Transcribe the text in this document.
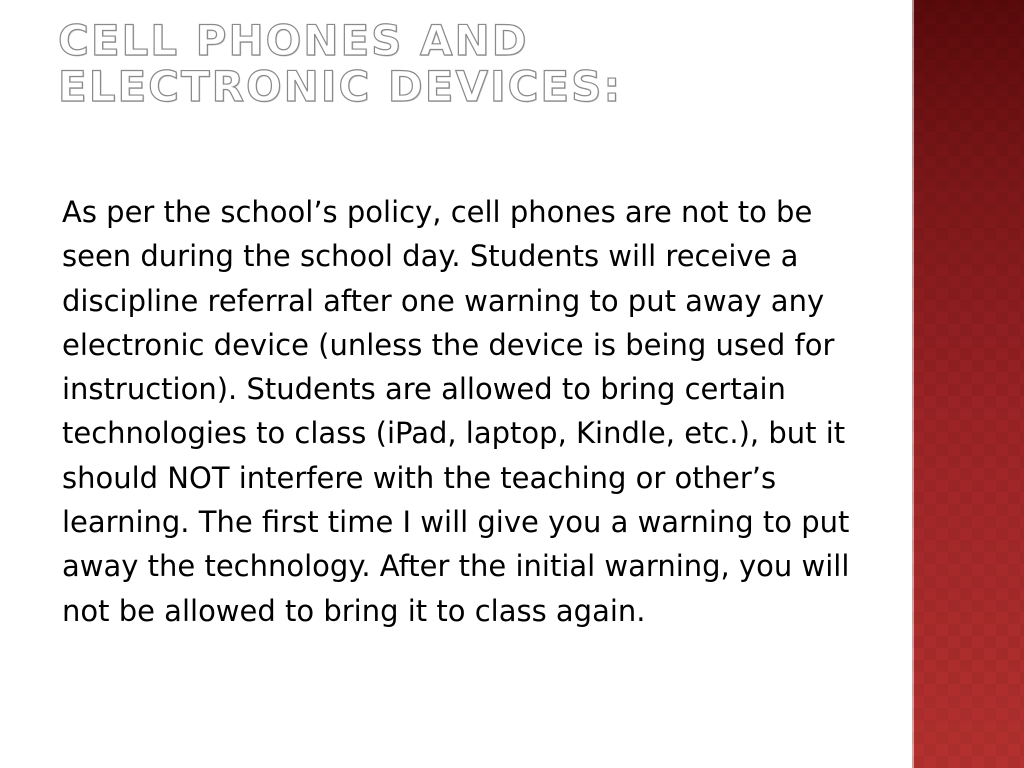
CELL PHONES AND ELECTRONIC DEVICES:

As per the school’s policy, cell phones are not to be seen during the school day. Students will receive a discipline referral after one warning to put away any electronic device (unless the device is being used for instruction). Students are allowed to bring certain technologies to class (iPad, laptop, Kindle, etc.), but it should NOT interfere with the teaching or other’s learning. The first time I will give you a warning to put away the technology. After the initial warning, you will not be allowed to bring it to class again.
